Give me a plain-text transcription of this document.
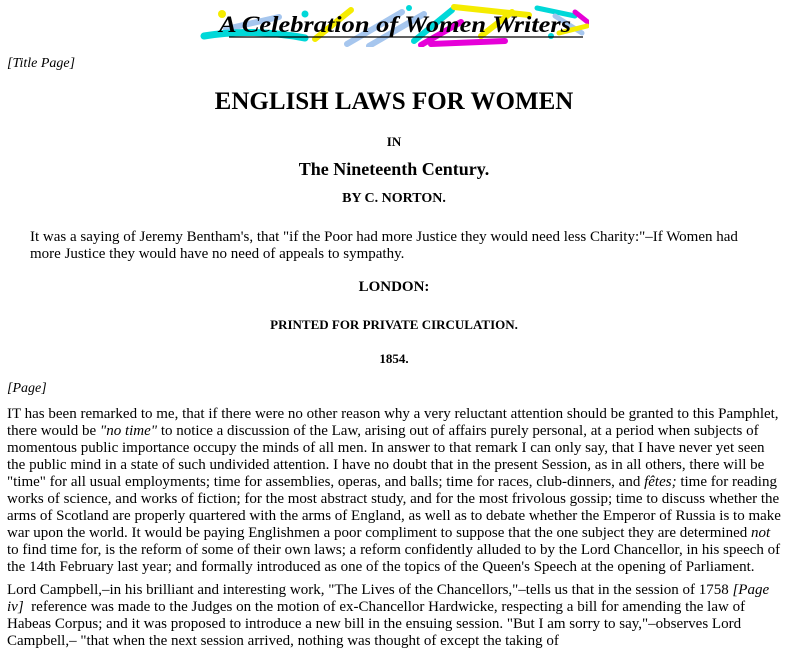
A Celebration of Women Writers
[Title Page]
ENGLISH LAWS FOR WOMEN
IN
The Nineteenth Century.
BY C. NORTON.
It was a saying of Jeremy Bentham's, that "if the Poor had more Justice they would need less Charity:"–If Women had more Justice they would have no need of appeals to sympathy.
LONDON:
PRINTED FOR PRIVATE CIRCULATION.
1854.
[Page]

IT has been remarked to me, that if there were no other reason why a very reluctant attention should be granted to this Pamphlet, there would be "no time" to notice a discussion of the Law, arising out of affairs purely personal, at a period when subjects of momentous public importance occupy the minds of all men. In answer to that remark I can only say, that I have never yet seen the public mind in a state of such undivided attention. I have no doubt that in the present Session, as in all others, there will be "time" for all usual employments; time for assemblies, operas, and balls; time for races, club-dinners, and fêtes; time for reading works of science, and works of fiction; for the most abstract study, and for the most frivolous gossip; time to discuss whether the arms of Scotland are properly quartered with the arms of England, as well as to debate whether the Emperor of Russia is to make war upon the world. It would be paying Englishmen a poor compliment to suppose that the one subject they are determined not to find time for, is the reform of some of their own laws; a reform confidently alluded to by the Lord Chancellor, in his speech of the 14th February last year; and formally introduced as one of the topics of the Queen's Speech at the opening of Parliament.

Lord Campbell,–in his brilliant and interesting work, "The Lives of the Chancellors,"–tells us that in the session of 1758 [Page iv]  reference was made to the Judges on the motion of ex-Chancellor Hardwicke, respecting a bill for amending the law of Habeas Corpus; and it was proposed to introduce a new bill in the ensuing session. "But I am sorry to say,"–observes Lord Campbell,– "that when the next session arrived, nothing was thought of except the taking of
